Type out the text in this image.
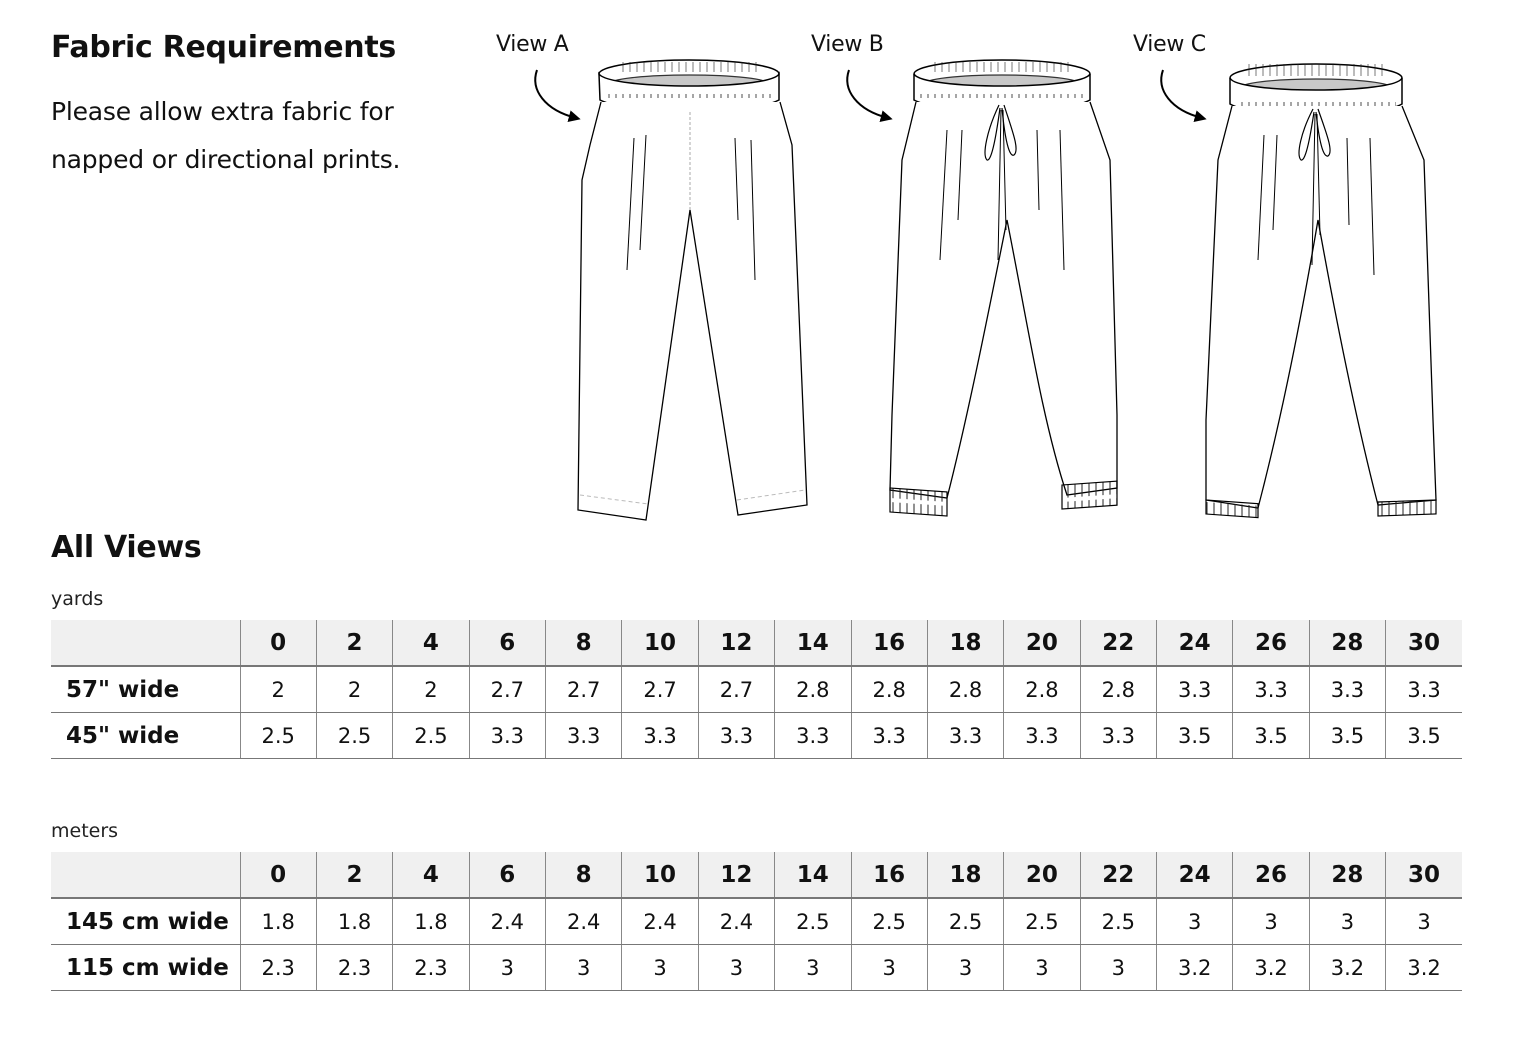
Fabric Requirements
Please allow extra fabric for
napped or directional prints.
View A	View B	View C
All Views
yards
	0	2	4	6	8	10	12	14	16	18	20	22	24	26	28	30
57" wide	2	2	2	2.7	2.7	2.7	2.7	2.8	2.8	2.8	2.8	2.8	3.3	3.3	3.3	3.3
45" wide	2.5	2.5	2.5	3.3	3.3	3.3	3.3	3.3	3.3	3.3	3.3	3.3	3.5	3.5	3.5	3.5
meters
	0	2	4	6	8	10	12	14	16	18	20	22	24	26	28	30
145 cm wide	1.8	1.8	1.8	2.4	2.4	2.4	2.4	2.5	2.5	2.5	2.5	2.5	3	3	3	3
115 cm wide	2.3	2.3	2.3	3	3	3	3	3	3	3	3	3	3.2	3.2	3.2	3.2
